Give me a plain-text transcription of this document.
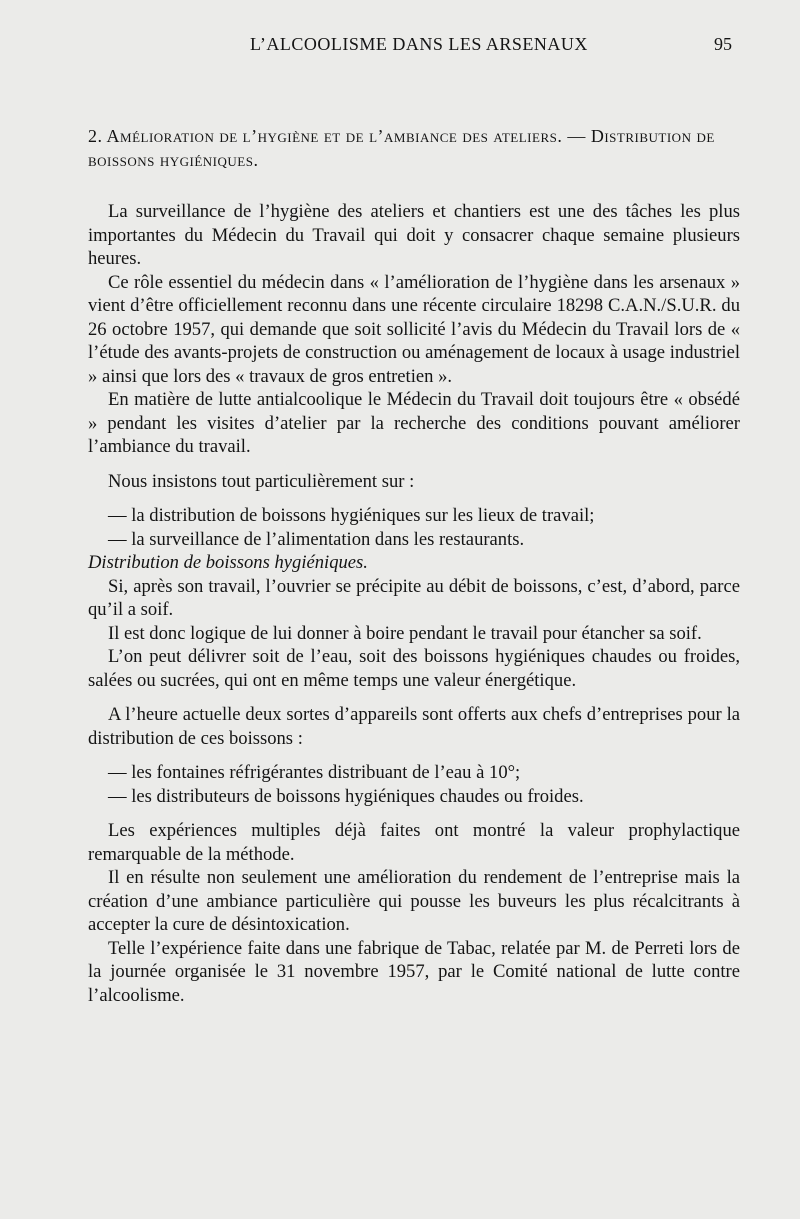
L’ALCOOLISME DANS LES ARSENAUX	95
2. Amélioration de l’hygiène et de l’ambiance des ateliers. — Distribution de boissons hygiéniques.

La surveillance de l’hygiène des ateliers et chantiers est une des tâches les plus importantes du Médecin du Travail qui doit y consacrer chaque semaine plusieurs heures.

Ce rôle essentiel du médecin dans « l’amélioration de l’hygiène dans les arsenaux » vient d’être officiellement reconnu dans une récente circulaire 18298 C.A.N./S.U.R. du 26 octobre 1957, qui demande que soit sollicité l’avis du Médecin du Travail lors de « l’étude des avants-projets de construction ou aménagement de locaux à usage industriel » ainsi que lors des « travaux de gros entretien ».

En matière de lutte antialcoolique le Médecin du Travail doit toujours être « obsédé » pendant les visites d’atelier par la recherche des conditions pouvant améliorer l’ambiance du travail.

Nous insistons tout particulièrement sur :

— la distribution de boissons hygiéniques sur les lieux de travail;

— la surveillance de l’alimentation dans les restaurants.

Distribution de boissons hygiéniques.

Si, après son travail, l’ouvrier se précipite au débit de boissons, c’est, d’abord, parce qu’il a soif.

Il est donc logique de lui donner à boire pendant le travail pour étancher sa soif.

L’on peut délivrer soit de l’eau, soit des boissons hygiéniques chaudes ou froides, salées ou sucrées, qui ont en même temps une valeur énergétique.

A l’heure actuelle deux sortes d’appareils sont offerts aux chefs d’entreprises pour la distribution de ces boissons :

— les fontaines réfrigérantes distribuant de l’eau à 10°;

— les distributeurs de boissons hygiéniques chaudes ou froides.

Les expériences multiples déjà faites ont montré la valeur prophylactique remarquable de la méthode.

Il en résulte non seulement une amélioration du rendement de l’entreprise mais la création d’une ambiance particulière qui pousse les buveurs les plus récalcitrants à accepter la cure de désintoxication.

Telle l’expérience faite dans une fabrique de Tabac, relatée par M. de Perreti lors de la journée organisée le 31 novembre 1957, par le Comité national de lutte contre l’alcoolisme.
